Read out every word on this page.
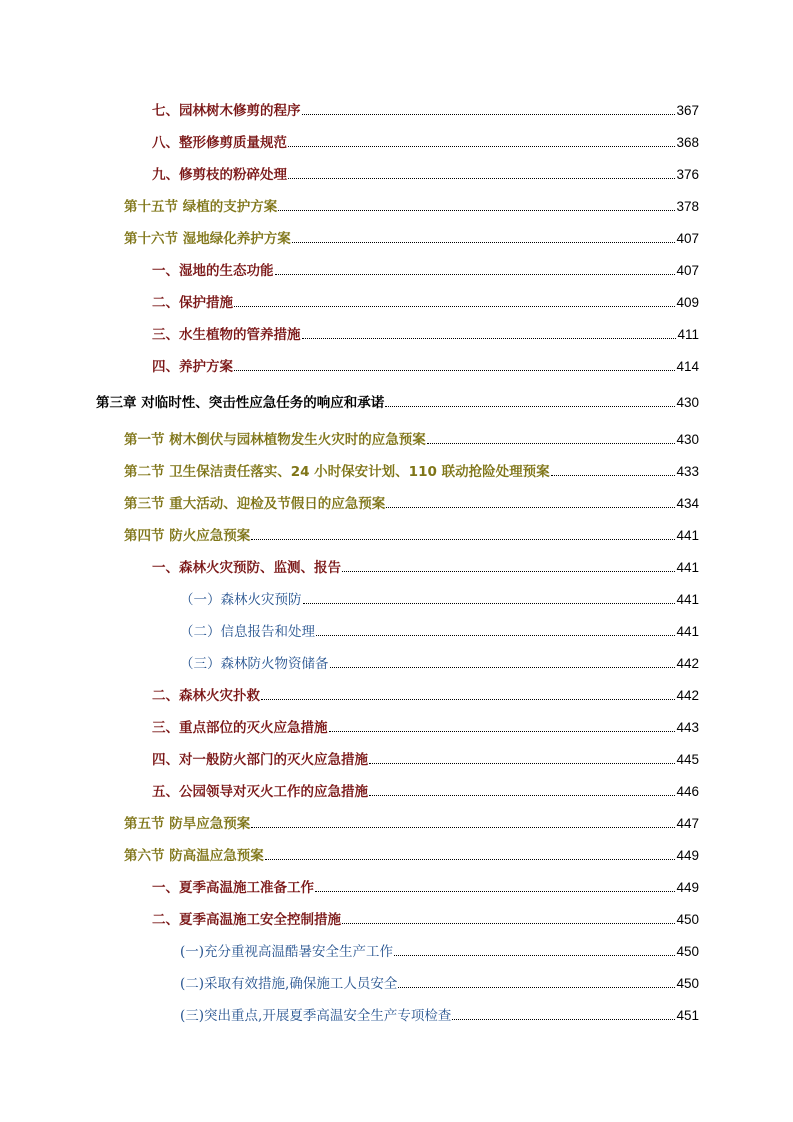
七、园林树木修剪的程序	367
八、整形修剪质量规范	368
九、修剪枝的粉碎处理	376
第十五节 绿植的支护方案	378
第十六节 湿地绿化养护方案	407
一、湿地的生态功能	407
二、保护措施	409
三、水生植物的管养措施	411
四、养护方案	414
第三章 对临时性、突击性应急任务的响应和承诺	430
第一节 树木倒伏与园林植物发生火灾时的应急预案	430
第二节 卫生保洁责任落实、24 小时保安计划、110 联动抢险处理预案	433
第三节 重大活动、迎检及节假日的应急预案	434
第四节 防火应急预案	441
一、森林火灾预防、监测、报告	441
（一）森林火灾预防	441
（二）信息报告和处理	441
（三）森林防火物资储备	442
二、森林火灾扑救	442
三、重点部位的灭火应急措施	443
四、对一般防火部门的灭火应急措施	445
五、公园领导对灭火工作的应急措施	446
第五节 防旱应急预案	447
第六节 防高温应急预案	449
一、夏季高温施工准备工作	449
二、夏季高温施工安全控制措施	450
(一)充分重视高温酷暑安全生产工作	450
(二)采取有效措施,确保施工人员安全	450
(三)突出重点,开展夏季高温安全生产专项检查	451
